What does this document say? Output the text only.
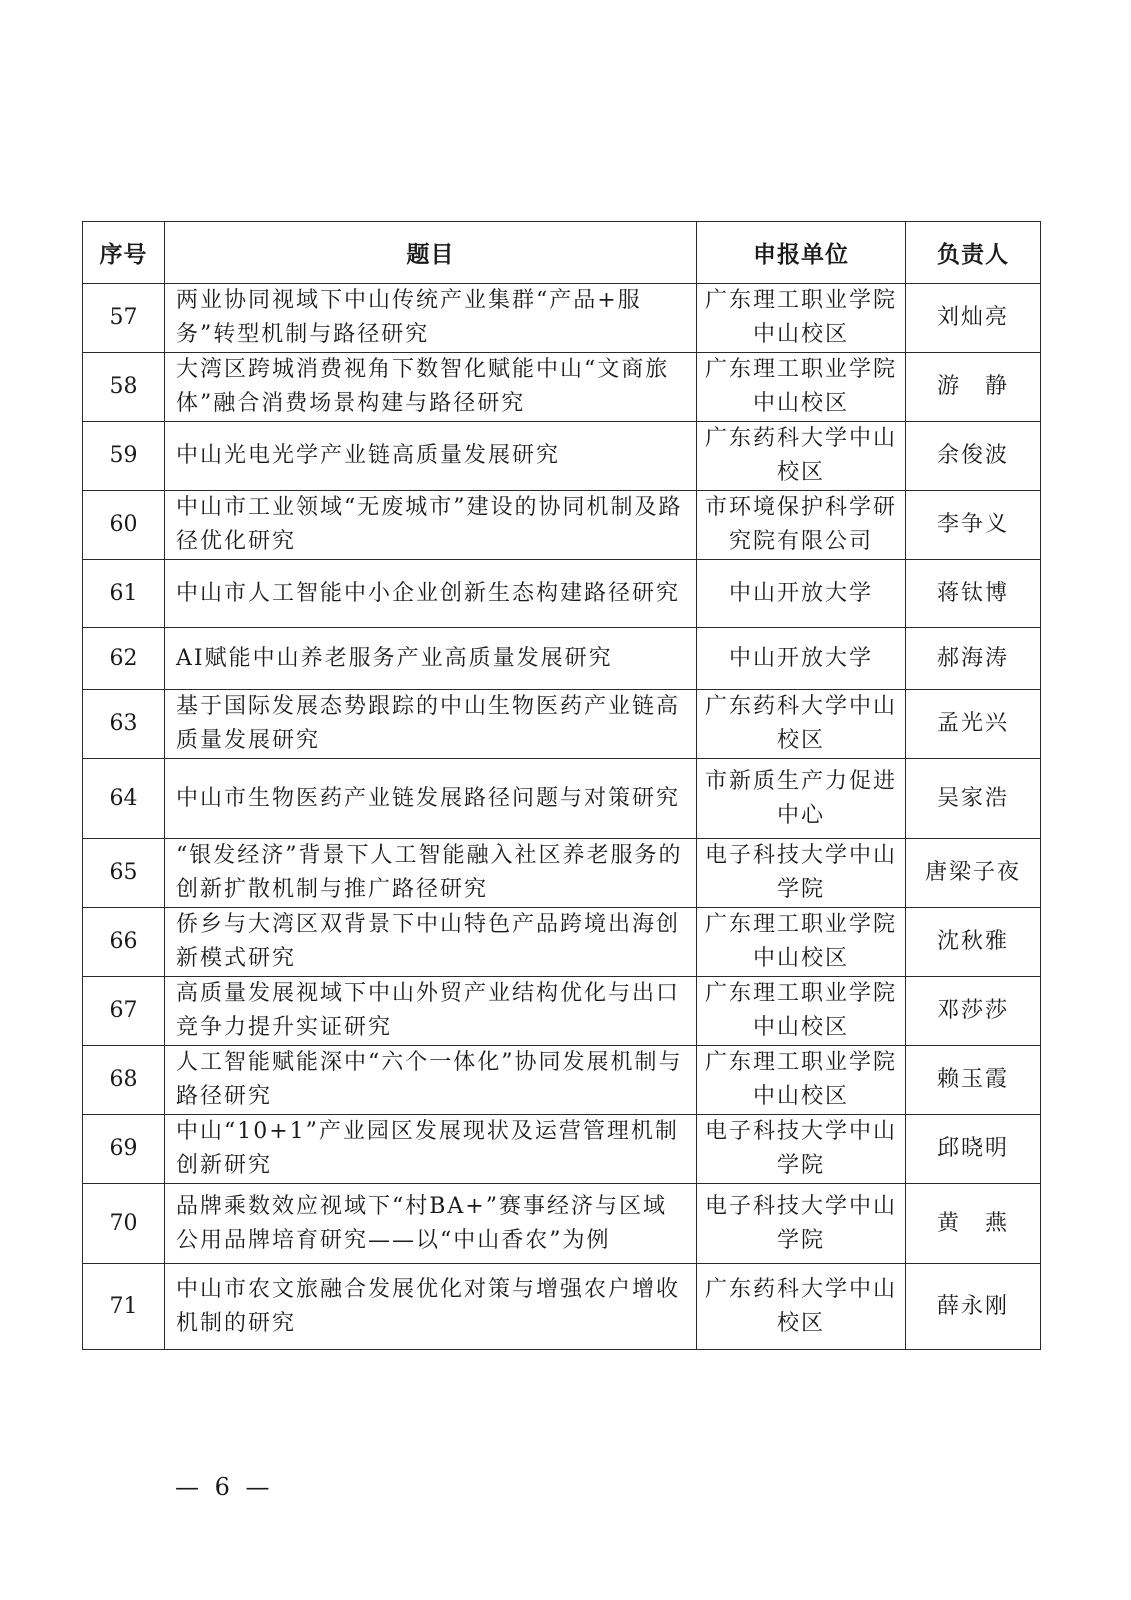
序号	题目	申报单位	负责人
57	两业协同视域下中山传统产业集群“产品+服务”转型机制与路径研究	广东理工职业学院中山校区	刘灿亮
58	大湾区跨城消费视角下数智化赋能中山“文商旅体”融合消费场景构建与路径研究	广东理工职业学院中山校区	游　静
59	中山光电光学产业链高质量发展研究	广东药科大学中山校区	余俊波
60	中山市工业领域“无废城市”建设的协同机制及路径优化研究	市环境保护科学研究院有限公司	李争义
61	中山市人工智能中小企业创新生态构建路径研究	中山开放大学	蒋钛博
62	AI赋能中山养老服务产业高质量发展研究	中山开放大学	郝海涛
63	基于国际发展态势跟踪的中山生物医药产业链高质量发展研究	广东药科大学中山校区	孟光兴
64	中山市生物医药产业链发展路径问题与对策研究	市新质生产力促进中心	吴家浩
65	“银发经济”背景下人工智能融入社区养老服务的创新扩散机制与推广路径研究	电子科技大学中山学院	唐梁子夜
66	侨乡与大湾区双背景下中山特色产品跨境出海创新模式研究	广东理工职业学院中山校区	沈秋雅
67	高质量发展视域下中山外贸产业结构优化与出口竞争力提升实证研究	广东理工职业学院中山校区	邓莎莎
68	人工智能赋能深中“六个一体化”协同发展机制与路径研究	广东理工职业学院中山校区	赖玉霞
69	中山“10+1”产业园区发展现状及运营管理机制创新研究	电子科技大学中山学院	邱晓明
70	品牌乘数效应视域下“村BA+”赛事经济与区域公用品牌培育研究——以“中山香农”为例	电子科技大学中山学院	黄　燕
71	中山市农文旅融合发展优化对策与增强农户增收机制的研究	广东药科大学中山校区	薛永刚
— 6 —
